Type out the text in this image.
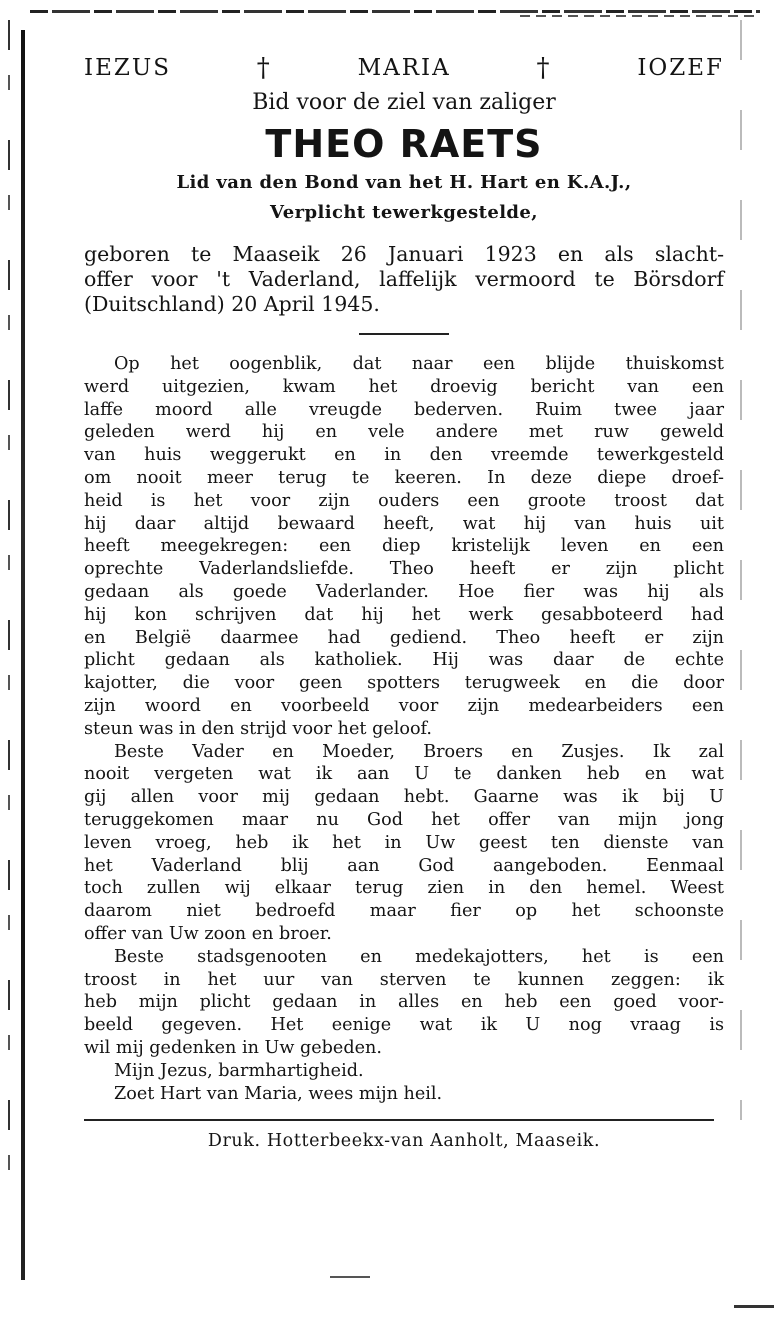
IEZUS	†	MARIA	†	IOZEF
Bid voor de ziel van zaliger
THEO RAETS
Lid van den Bond van het H. Hart en K.A.J.,
Verplicht tewerkgestelde,
geboren te Maaseik 26 Januari 1923 en als slacht-
offer voor 't Vaderland, laffelijk vermoord te Börsdorf
(Duitschland) 20 April 1945.

Op het oogenblik, dat naar een blijde thuiskomst
werd uitgezien, kwam het droevig bericht van een
laffe moord alle vreugde bederven. Ruim twee jaar
geleden werd hij en vele andere met ruw geweld
van huis weggerukt en in den vreemde tewerkgesteld
om nooit meer terug te keeren. In deze diepe droef-
heid is het voor zijn ouders een groote troost dat
hij daar altijd bewaard heeft, wat hij van huis uit
heeft meegekregen: een diep kristelijk leven en een
oprechte Vaderlandsliefde. Theo heeft er zijn plicht
gedaan als goede Vaderlander. Hoe fier was hij als
hij kon schrijven dat hij het werk gesabboteerd had
en België daarmee had gediend. Theo heeft er zijn
plicht gedaan als katholiek. Hij was daar de echte
kajotter, die voor geen spotters terugweek en die door
zijn woord en voorbeeld voor zijn medearbeiders een
steun was in den strijd voor het geloof.

Beste Vader en Moeder, Broers en Zusjes. Ik zal
nooit vergeten wat ik aan U te danken heb en wat
gij allen voor mij gedaan hebt. Gaarne was ik bij U
teruggekomen maar nu God het offer van mijn jong
leven vroeg, heb ik het in Uw geest ten dienste van
het Vaderland blij aan God aangeboden. Eenmaal
toch zullen wij elkaar terug zien in den hemel. Weest
daarom niet bedroefd maar fier op het schoonste
offer van Uw zoon en broer.

Beste stadsgenooten en medekajotters, het is een
troost in het uur van sterven te kunnen zeggen: ik
heb mijn plicht gedaan in alles en heb een goed voor-
beeld gegeven. Het eenige wat ik U nog vraag is
wil mij gedenken in Uw gebeden.

Mijn Jezus, barmhartigheid.
Zoet Hart van Maria, wees mijn heil.

Druk. Hotterbeekx-van Aanholt, Maaseik.
